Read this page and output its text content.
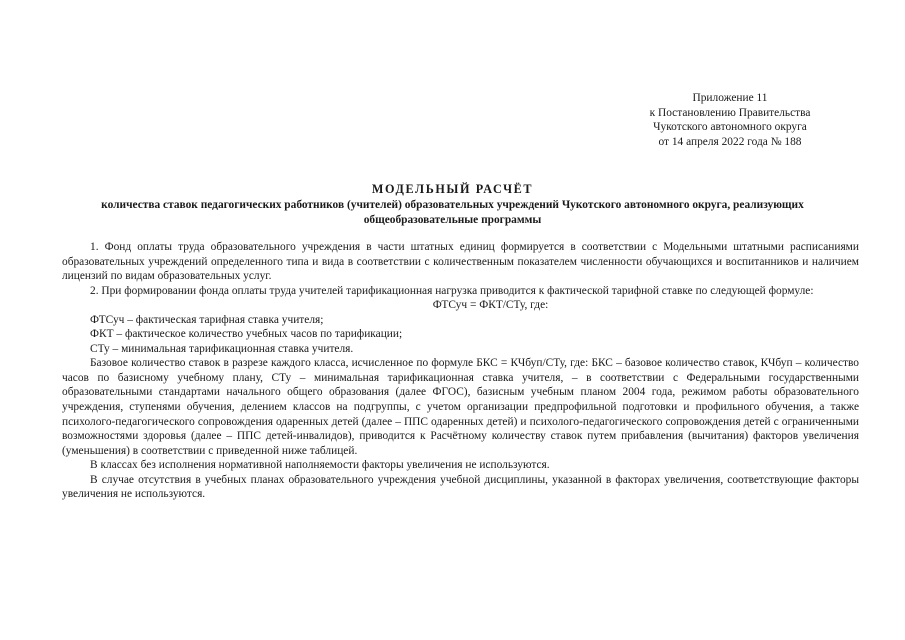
Приложение 11
к Постановлению Правительства
Чукотского автономного округа
от 14 апреля 2022 года № 188
МОДЕЛЬНЫЙ РАСЧЁТ
количества ставок педагогических работников (учителей) образовательных учреждений Чукотского автономного округа, реализующих общеобразовательные программы

1. Фонд оплаты труда образовательного учреждения в части штатных единиц формируется в соответствии с Модельными штатными расписаниями образовательных учреждений определенного типа и вида в соответствии с количественным показателем численности обучающихся и воспитанников и наличием лицензий по видам образовательных услуг.

2. При формировании фонда оплаты труда учителей тарификационная нагрузка приводится к фактической тарифной ставке по следующей формуле:

ФТСуч = ФКТ/СТу, где:

ФТСуч – фактическая тарифная ставка учителя;

ФКТ – фактическое количество учебных часов по тарификации;

СТу – минимальная тарификационная ставка учителя.

Базовое количество ставок в разрезе каждого класса, исчисленное по формуле БКС = КЧбуп/СТу, где: БКС – базовое количество ставок, КЧбуп – количество часов по базисному учебному плану, СТу – минимальная тарификационная ставка учителя, – в соответствии с Федеральными государственными образовательными стандартами начального общего образования (далее ФГОС), базисным учебным планом 2004 года, режимом работы образовательного учреждения, ступенями обучения, делением классов на подгруппы, с учетом организации предпрофильной подготовки и профильного обучения, а также психолого-педагогического сопровождения одаренных детей (далее – ППС одаренных детей) и психолого-педагогического сопровождения детей с ограниченными возможностями здоровья (далее – ППС детей-инвалидов), приводится к Расчётному количеству ставок путем прибавления (вычитания) факторов увеличения (уменьшения) в соответствии с приведенной ниже таблицей.

В классах без исполнения нормативной наполняемости факторы увеличения не используются.

В случае отсутствия в учебных планах образовательного учреждения учебной дисциплины, указанной в факторах увеличения, соответствующие факторы увеличения не используются.
